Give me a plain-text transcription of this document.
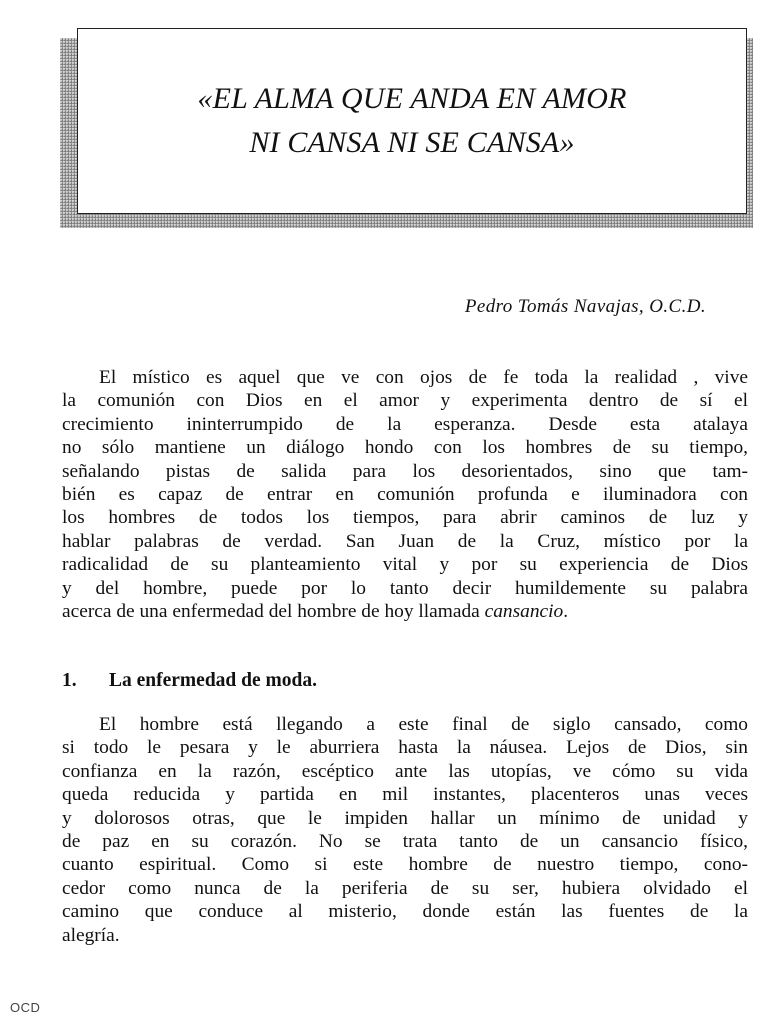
«EL ALMA QUE ANDA EN AMOR
NI CANSA NI SE CANSA»
Pedro Tomás Navajas, O.C.D.
El místico es aquel que ve con ojos de fe toda la realidad , vive
la comunión con Dios en el amor y experimenta dentro de sí el
crecimiento ininterrumpido de la esperanza. Desde esta atalaya
no sólo mantiene un diálogo hondo con los hombres de su tiempo,
señalando pistas de salida para los desorientados, sino que tam-
bién es capaz de entrar en comunión profunda e iluminadora con
los hombres de todos los tiempos, para abrir caminos de luz y
hablar palabras de verdad. San Juan de la Cruz, místico por la
radicalidad de su planteamiento vital y por su experiencia de Dios
y del hombre, puede por lo tanto decir humildemente su palabra
acerca de una enfermedad del hombre de hoy llamada cansancio.
1. La enfermedad de moda.
El hombre está llegando a este final de siglo cansado, como
si todo le pesara y le aburriera hasta la náusea. Lejos de Dios, sin
confianza en la razón, escéptico ante las utopías, ve cómo su vida
queda reducida y partida en mil instantes, placenteros unas veces
y dolorosos otras, que le impiden hallar un mínimo de unidad y
de paz en su corazón. No se trata tanto de un cansancio físico,
cuanto espiritual. Como si este hombre de nuestro tiempo, cono-
cedor como nunca de la periferia de su ser, hubiera olvidado el
camino que conduce al misterio, donde están las fuentes de la
alegría.
OCD
